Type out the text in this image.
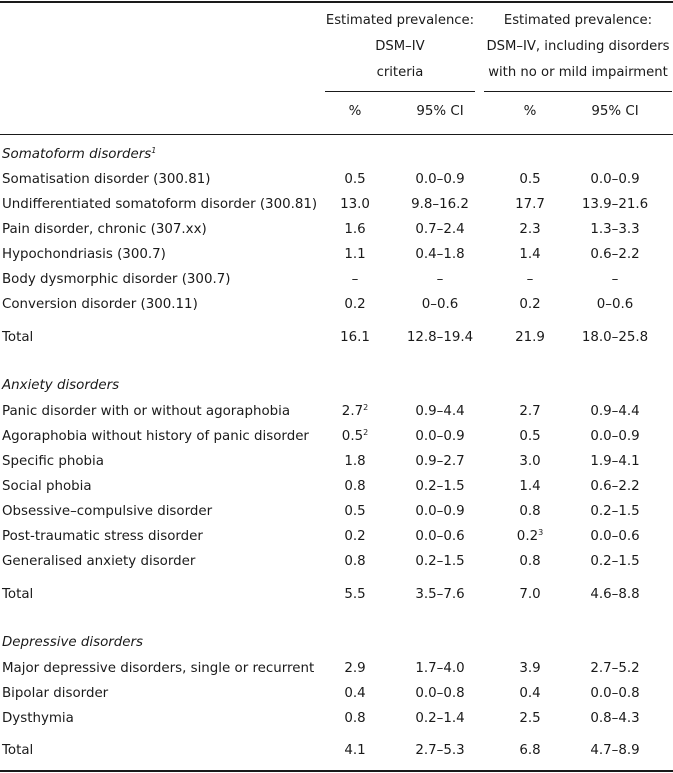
Estimated prevalence:
DSM–IV
criteria
Estimated prevalence:
DSM–IV, including disorders
with no or mild impairment
%	95% CI	%	95% CI
Somatoform disorders$^1$
Somatisation disorder (300.81)	0.5	0.0–0.9	0.5	0.0–0.9
Undifferentiated somatoform disorder (300.81)	13.0	9.8–16.2	17.7	13.9–21.6
Pain disorder, chronic (307.xx)	1.6	0.7–2.4	2.3	1.3–3.3
Hypochondriasis (300.7)	1.1	0.4–1.8	1.4	0.6–2.2
Body dysmorphic disorder (300.7)	–	–	–	–
Conversion disorder (300.11)	0.2	0–0.6	0.2	0–0.6
Total	16.1	12.8–19.4	21.9	18.0–25.8
Anxiety disorders
Panic disorder with or without agoraphobia	$2.7^2$	0.9–4.4	2.7	0.9–4.4
Agoraphobia without history of panic disorder	$0.5^2$	0.0–0.9	0.5	0.0–0.9
Specific phobia	1.8	0.9–2.7	3.0	1.9–4.1
Social phobia	0.8	0.2–1.5	1.4	0.6–2.2
Obsessive–compulsive disorder	0.5	0.0–0.9	0.8	0.2–1.5
Post-traumatic stress disorder	0.2	0.0–0.6	$0.2^3$	0.0–0.6
Generalised anxiety disorder	0.8	0.2–1.5	0.8	0.2–1.5
Total	5.5	3.5–7.6	7.0	4.6–8.8
Depressive disorders
Major depressive disorders, single or recurrent	2.9	1.7–4.0	3.9	2.7–5.2
Bipolar disorder	0.4	0.0–0.8	0.4	0.0–0.8
Dysthymia	0.8	0.2–1.4	2.5	0.8–4.3
Total	4.1	2.7–5.3	6.8	4.7–8.9
